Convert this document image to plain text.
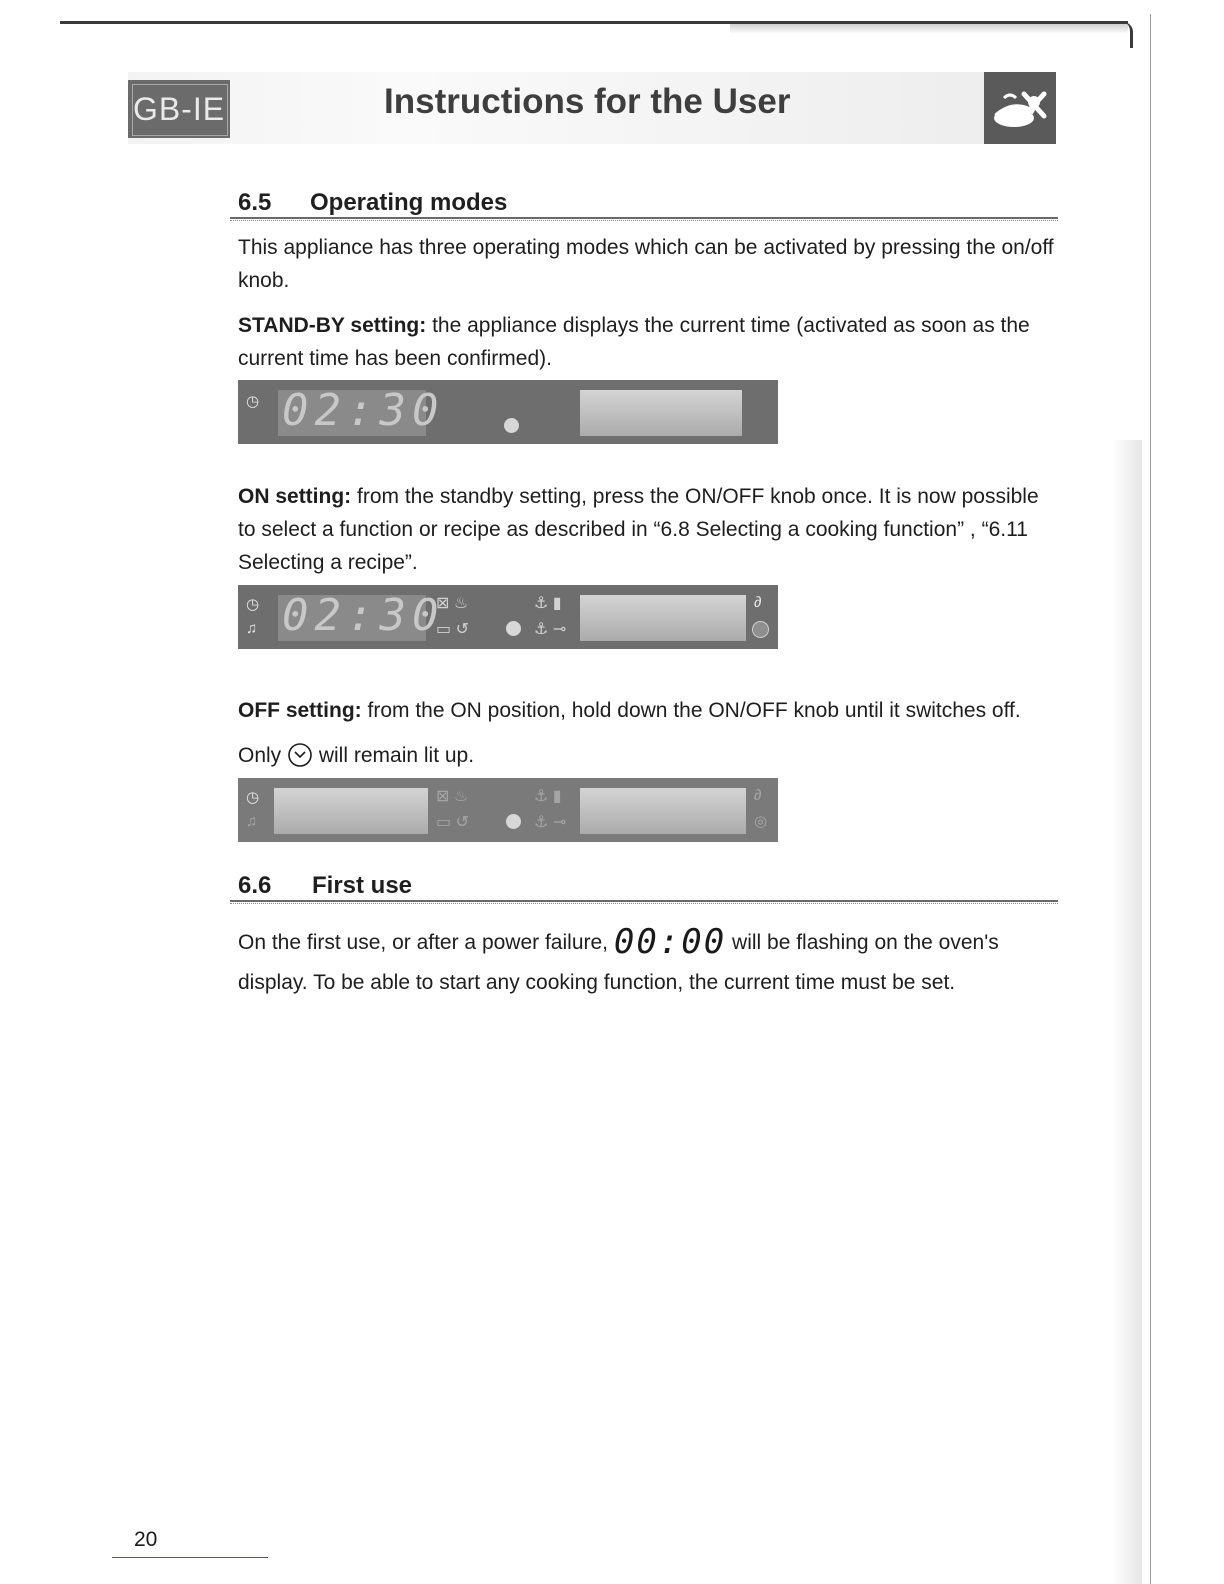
GB-IE	Instructions for the User
6.5 Operating modes
This appliance has three operating modes which can be activated by pressing the on/off knob.
STAND-BY setting: the appliance displays the current time (activated as soon as the current time has been confirmed).
◷ 02:30
ON setting: from the standby setting, press the ON/OFF knob once. It is now possible to select a function or recipe as described in “6.8 Selecting a cooking function” , “6.11 Selecting a recipe”.
◷
♫ 02:30
⊠ ♨
▭ ↺
⚓ ▮
⚓ ⊸
∂
OFF setting: from the ON position, hold down the ON/OFF knob until it switches off. Only  will remain lit up.
◷
♫
⊠ ♨
▭ ↺
⚓ ▮
⚓ ⊸
∂
◎
6.6 First use
On the first use, or after a power failure, 00:00 will be flashing on the oven's display. To be able to start any cooking function, the current time must be set.
20
